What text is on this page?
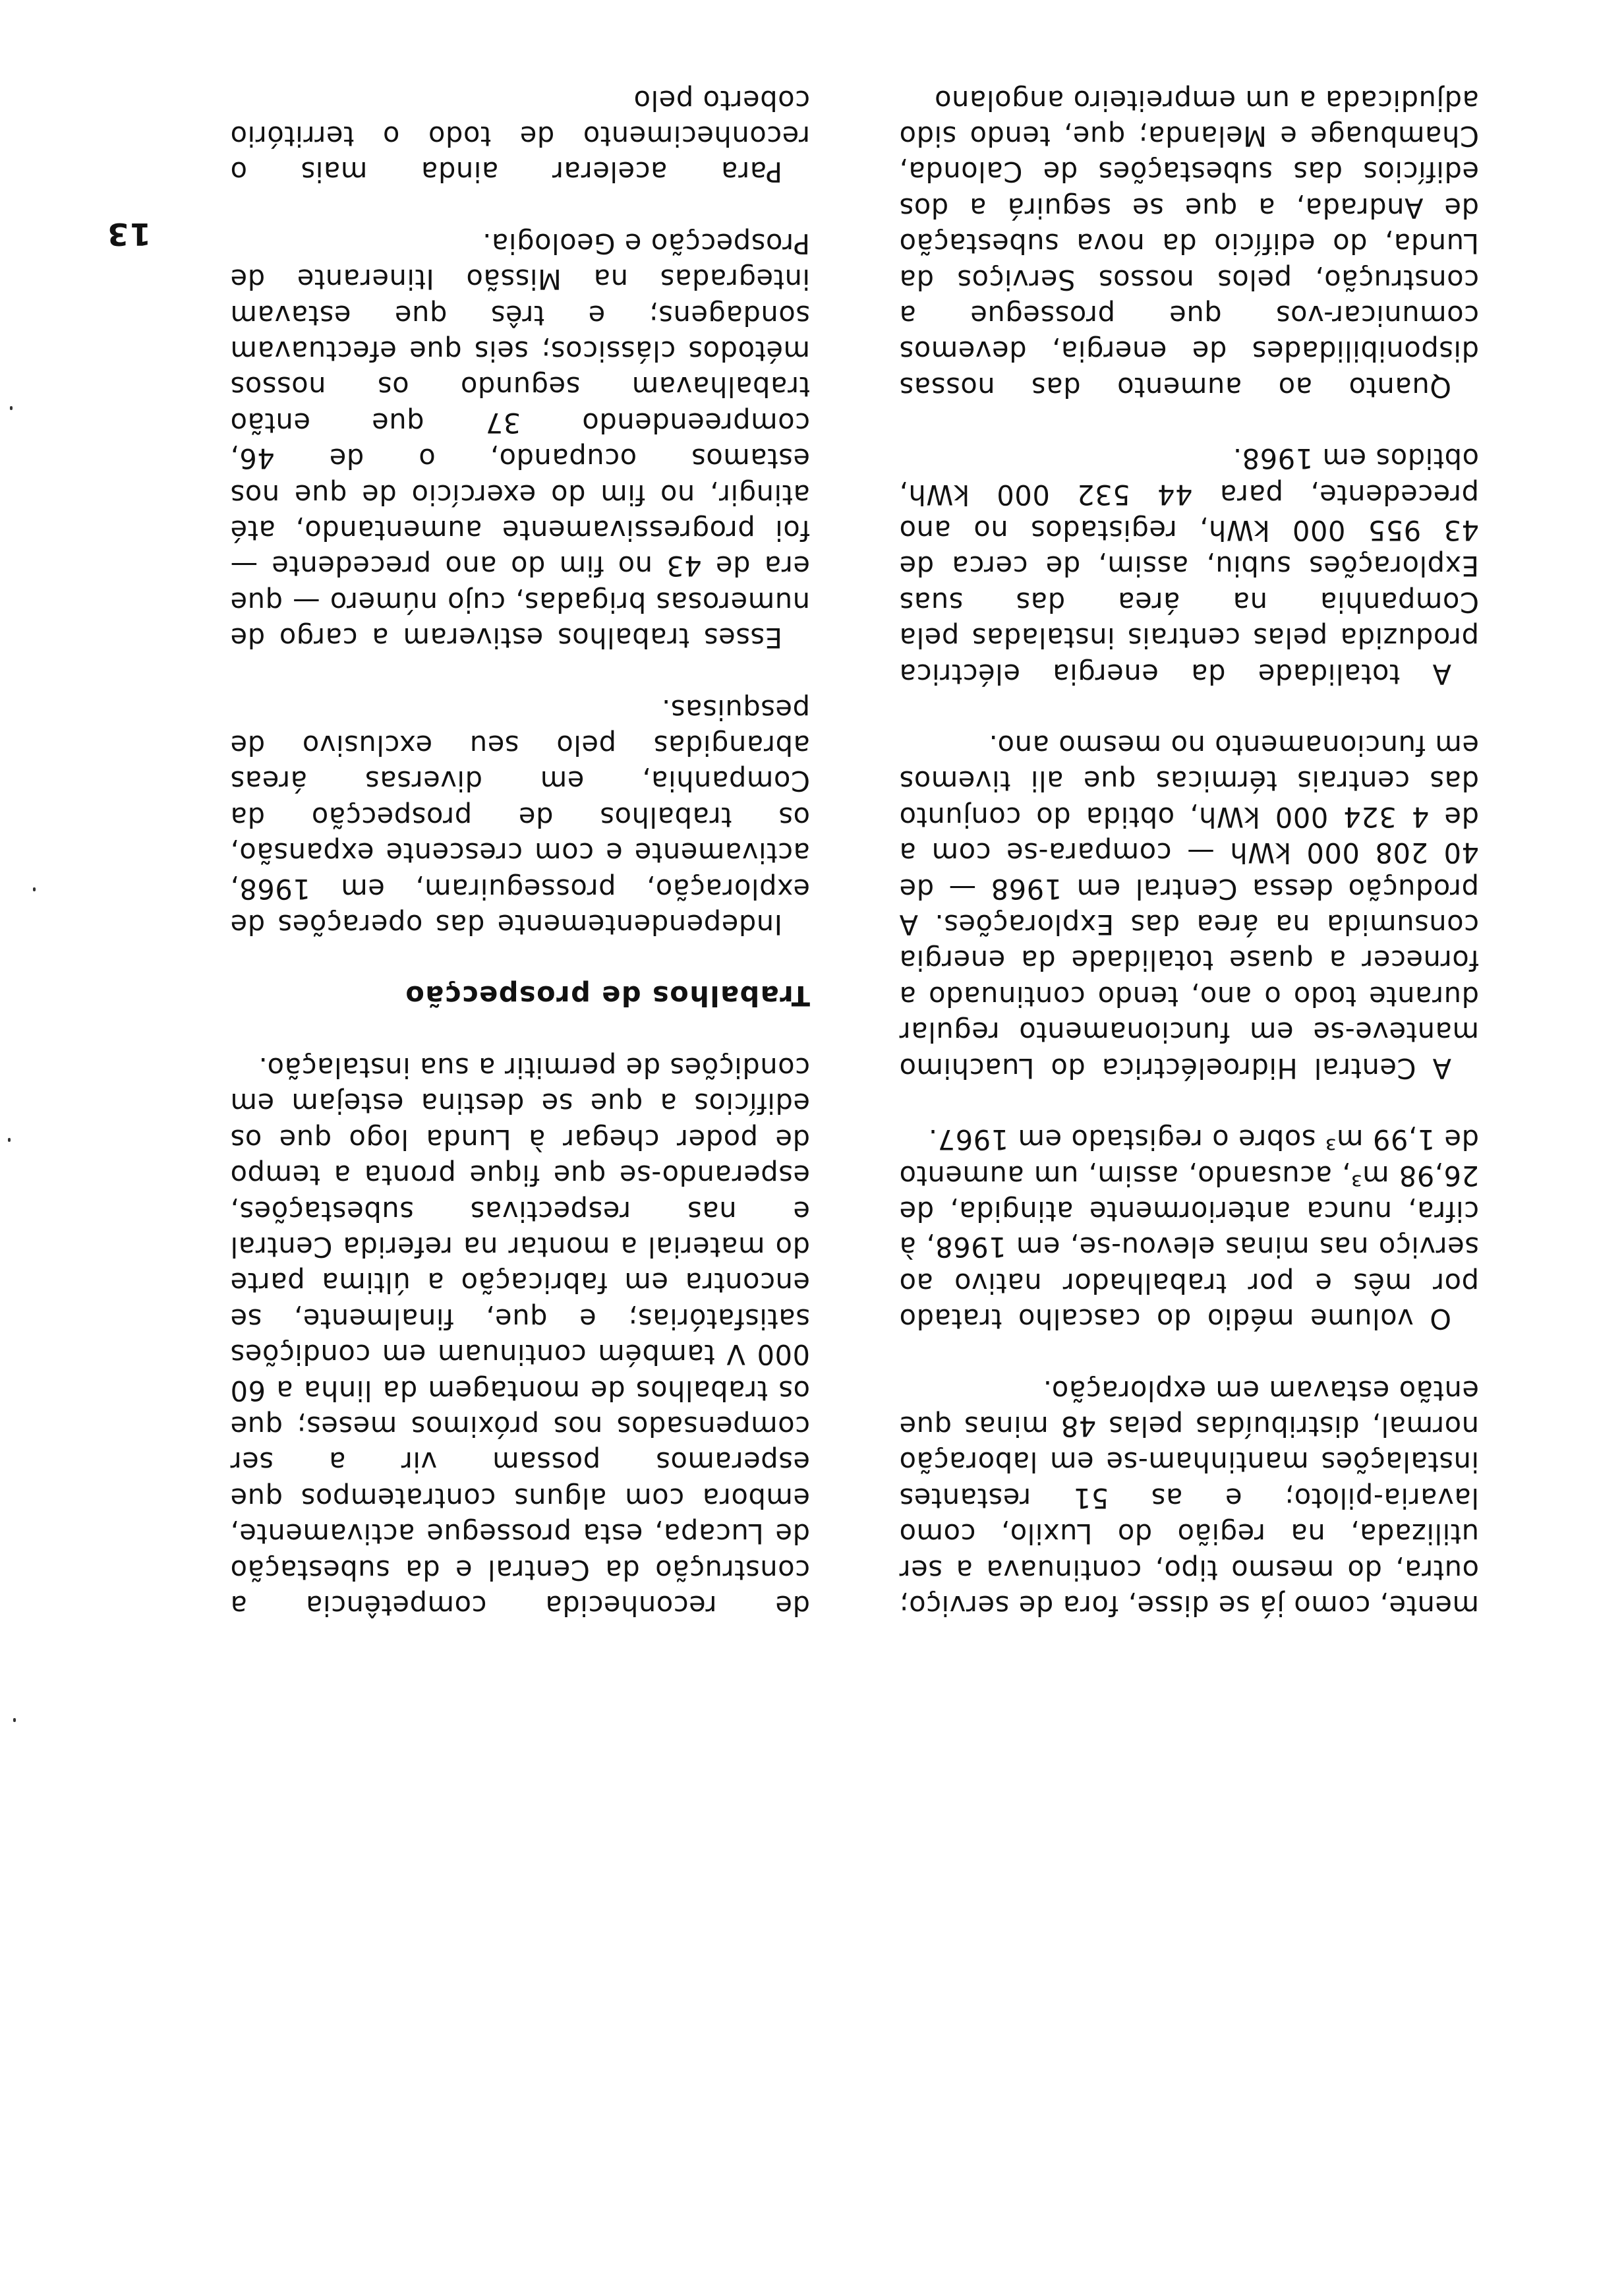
mente, como já se disse, fora de serviço; outra, do mesmo tipo, continuava a ser utilizada, na região do Luxilo, como lavaria-piloto; e as 51 restantes instalações mantinham-se em laboração normal, distribuídas pelas 48 minas que então estavam em exploração.

O volume médio do cascalho tratado por mês e por trabalhador nativo ao serviço nas minas elevou-se, em 1968, à cifra, nunca anteriormente atingida, de 26,98 m³, acusando, assim, um aumento de 1,99 m³ sobre o registado em 1967.

A Central Hidroeléctrica do Luachimo manteve-se em funcionamento regular durante todo o ano, tendo continuado a fornecer a quase totalidade da energia consumida na área das Explorações. A produção dessa Central em 1968 — de 40 208 000 kWh — compara-se com a de 4 324 000 kWh, obtida do conjunto das centrais térmicas que ali tivemos em funcionamento no mesmo ano.

A totalidade da energia eléctrica produzida pelas centrais instaladas pela Companhia na área das suas Explorações subiu, assim, de cerca de 43 955 000 kWh, registados no ano precedente, para 44 532 000 kWh, obtidos em 1968.

Quanto ao aumento das nossas disponibilidades de energia, devemos comunicar-vos que prossegue a construção, pelos nossos Serviços da Lunda, do edifício da nova subestação de Andrada, a que se seguirá a dos edifícios das subestações de Calonda, Chambuage e Melanda; que, tendo sido adjudicada a um empreiteiro angolano

de reconhecida competência a construção da Central e da subestação de Lucapa, esta prossegue activamente, embora com alguns contratempos que esperamos possam vir a ser compensados nos próximos meses; que os trabalhos de montagem da linha a 60 000 V também continuam em condições satisfatórias; e que, finalmente, se encontra em fabricação a última parte do material a montar na referida Central e nas respectivas subestações, esperando-se que fique pronta a tempo de poder chegar à Lunda logo que os edifícios a que se destina estejam em condições de permitir a sua instalação.

Trabalhos de prospecção

Independentemente das operações de exploração, prosseguiram, em 1968, activamente e com crescente expansão, os trabalhos de prospecção da Companhia, em diversas áreas abrangidas pelo seu exclusivo de pesquisas.

Esses trabalhos estiveram a cargo de numerosas brigadas, cujo número — que era de 43 no fim do ano precedente — foi progressivamente aumentando, até atingir, no fim do exercício de que nos estamos ocupando, o de 46, compreendendo 37 que então trabalhavam segundo os nossos métodos clássicos; seis que efectuavam sondagens; e três que estavam integradas na Missão Itinerante de Prospecção e Geologia.

Para acelerar ainda mais o reconhecimento de todo o território coberto pelo

13
